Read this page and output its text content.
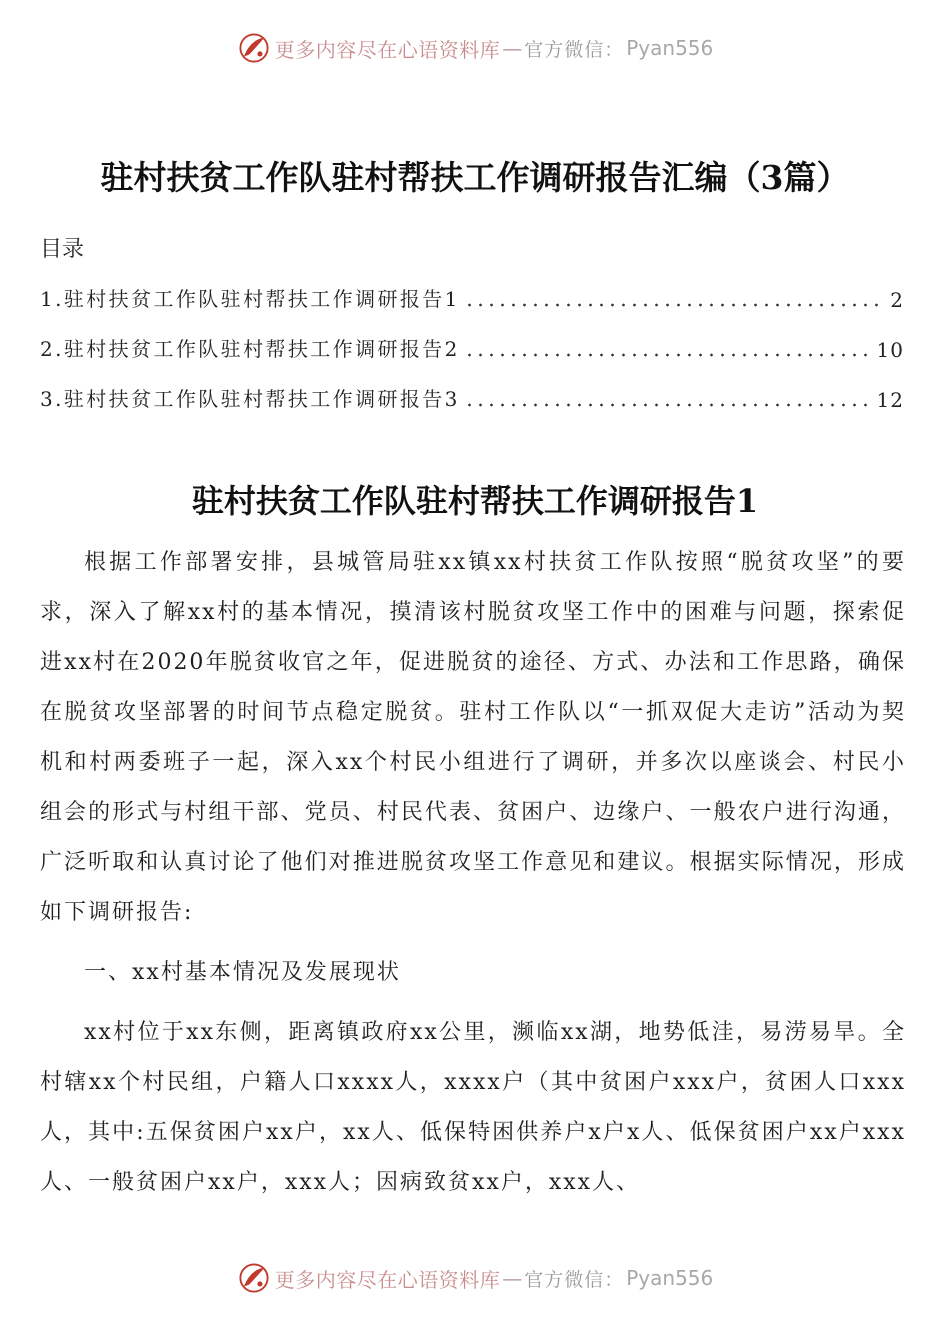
更多内容尽在心语资料库 — 官方微信： Pyan556
驻村扶贫工作队驻村帮扶工作调研报告汇编（3篇）
目录
1.驻村扶贫工作队驻村帮扶工作调研报告1	2
2.驻村扶贫工作队驻村帮扶工作调研报告2	10
3.驻村扶贫工作队驻村帮扶工作调研报告3	12
驻村扶贫工作队驻村帮扶工作调研报告1
根据工作部署安排，县城管局驻xx镇xx村扶贫工作队按照“脱贫攻坚”的要求，深入了解xx村的基本情况，摸清该村脱贫攻坚工作中的困难与问题，探索促进xx村在2020年脱贫收官之年，促进脱贫的途径、方式、办法和工作思路，确保在脱贫攻坚部署的时间节点稳定脱贫。驻村工作队以“一抓双促大走访”活动为契机和村两委班子一起，深入xx个村民小组进行了调研，并多次以座谈会、村民小组会的形式与村组干部、党员、村民代表、贫困户、边缘户、一般农户进行沟通，广泛听取和认真讨论了他们对推进脱贫攻坚工作意见和建议。根据实际情况，形成如下调研报告:
一、xx村基本情况及发展现状
xx村位于xx东侧，距离镇政府xx公里，濒临xx湖，地势低洼，易涝易旱。全村辖xx个村民组，户籍人口xxxx人，xxxx户（其中贫困户xxx户，贫困人口xxx人，其中:五保贫困户xx户，xx人、低保特困供养户x户x人、低保贫困户xx户xxx人、一般贫困户xx户，xxx人；因病致贫xx户，xxx人、
更多内容尽在心语资料库 — 官方微信： Pyan556
